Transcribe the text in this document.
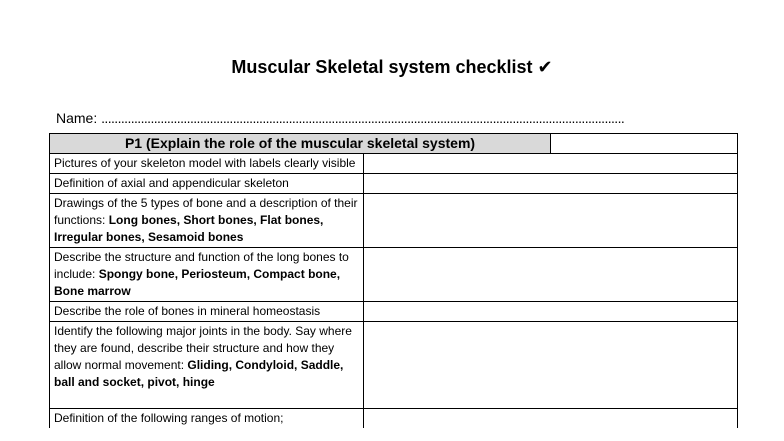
Muscular Skeletal system checklist ✔
Name: ...............................................................................................................................................................
P1 (Explain the role of the muscular skeletal system)		
Pictures of your skeleton model with labels clearly visible		
Definition of axial and appendicular skeleton		
Drawings of the 5 types of bone and a description of their functions: Long bones, Short bones, Flat bones, Irregular bones, Sesamoid bones		
Describe the structure and function of the long bones to include: Spongy bone, Periosteum, Compact bone, Bone marrow		
Describe the role of bones in mineral homeostasis		
Identify the following major joints in the body. Say where they are found, describe their structure and how they allow normal movement: Gliding, Condyloid, Saddle, ball and socket, pivot, hinge		
Definition of the following ranges of motion;		
